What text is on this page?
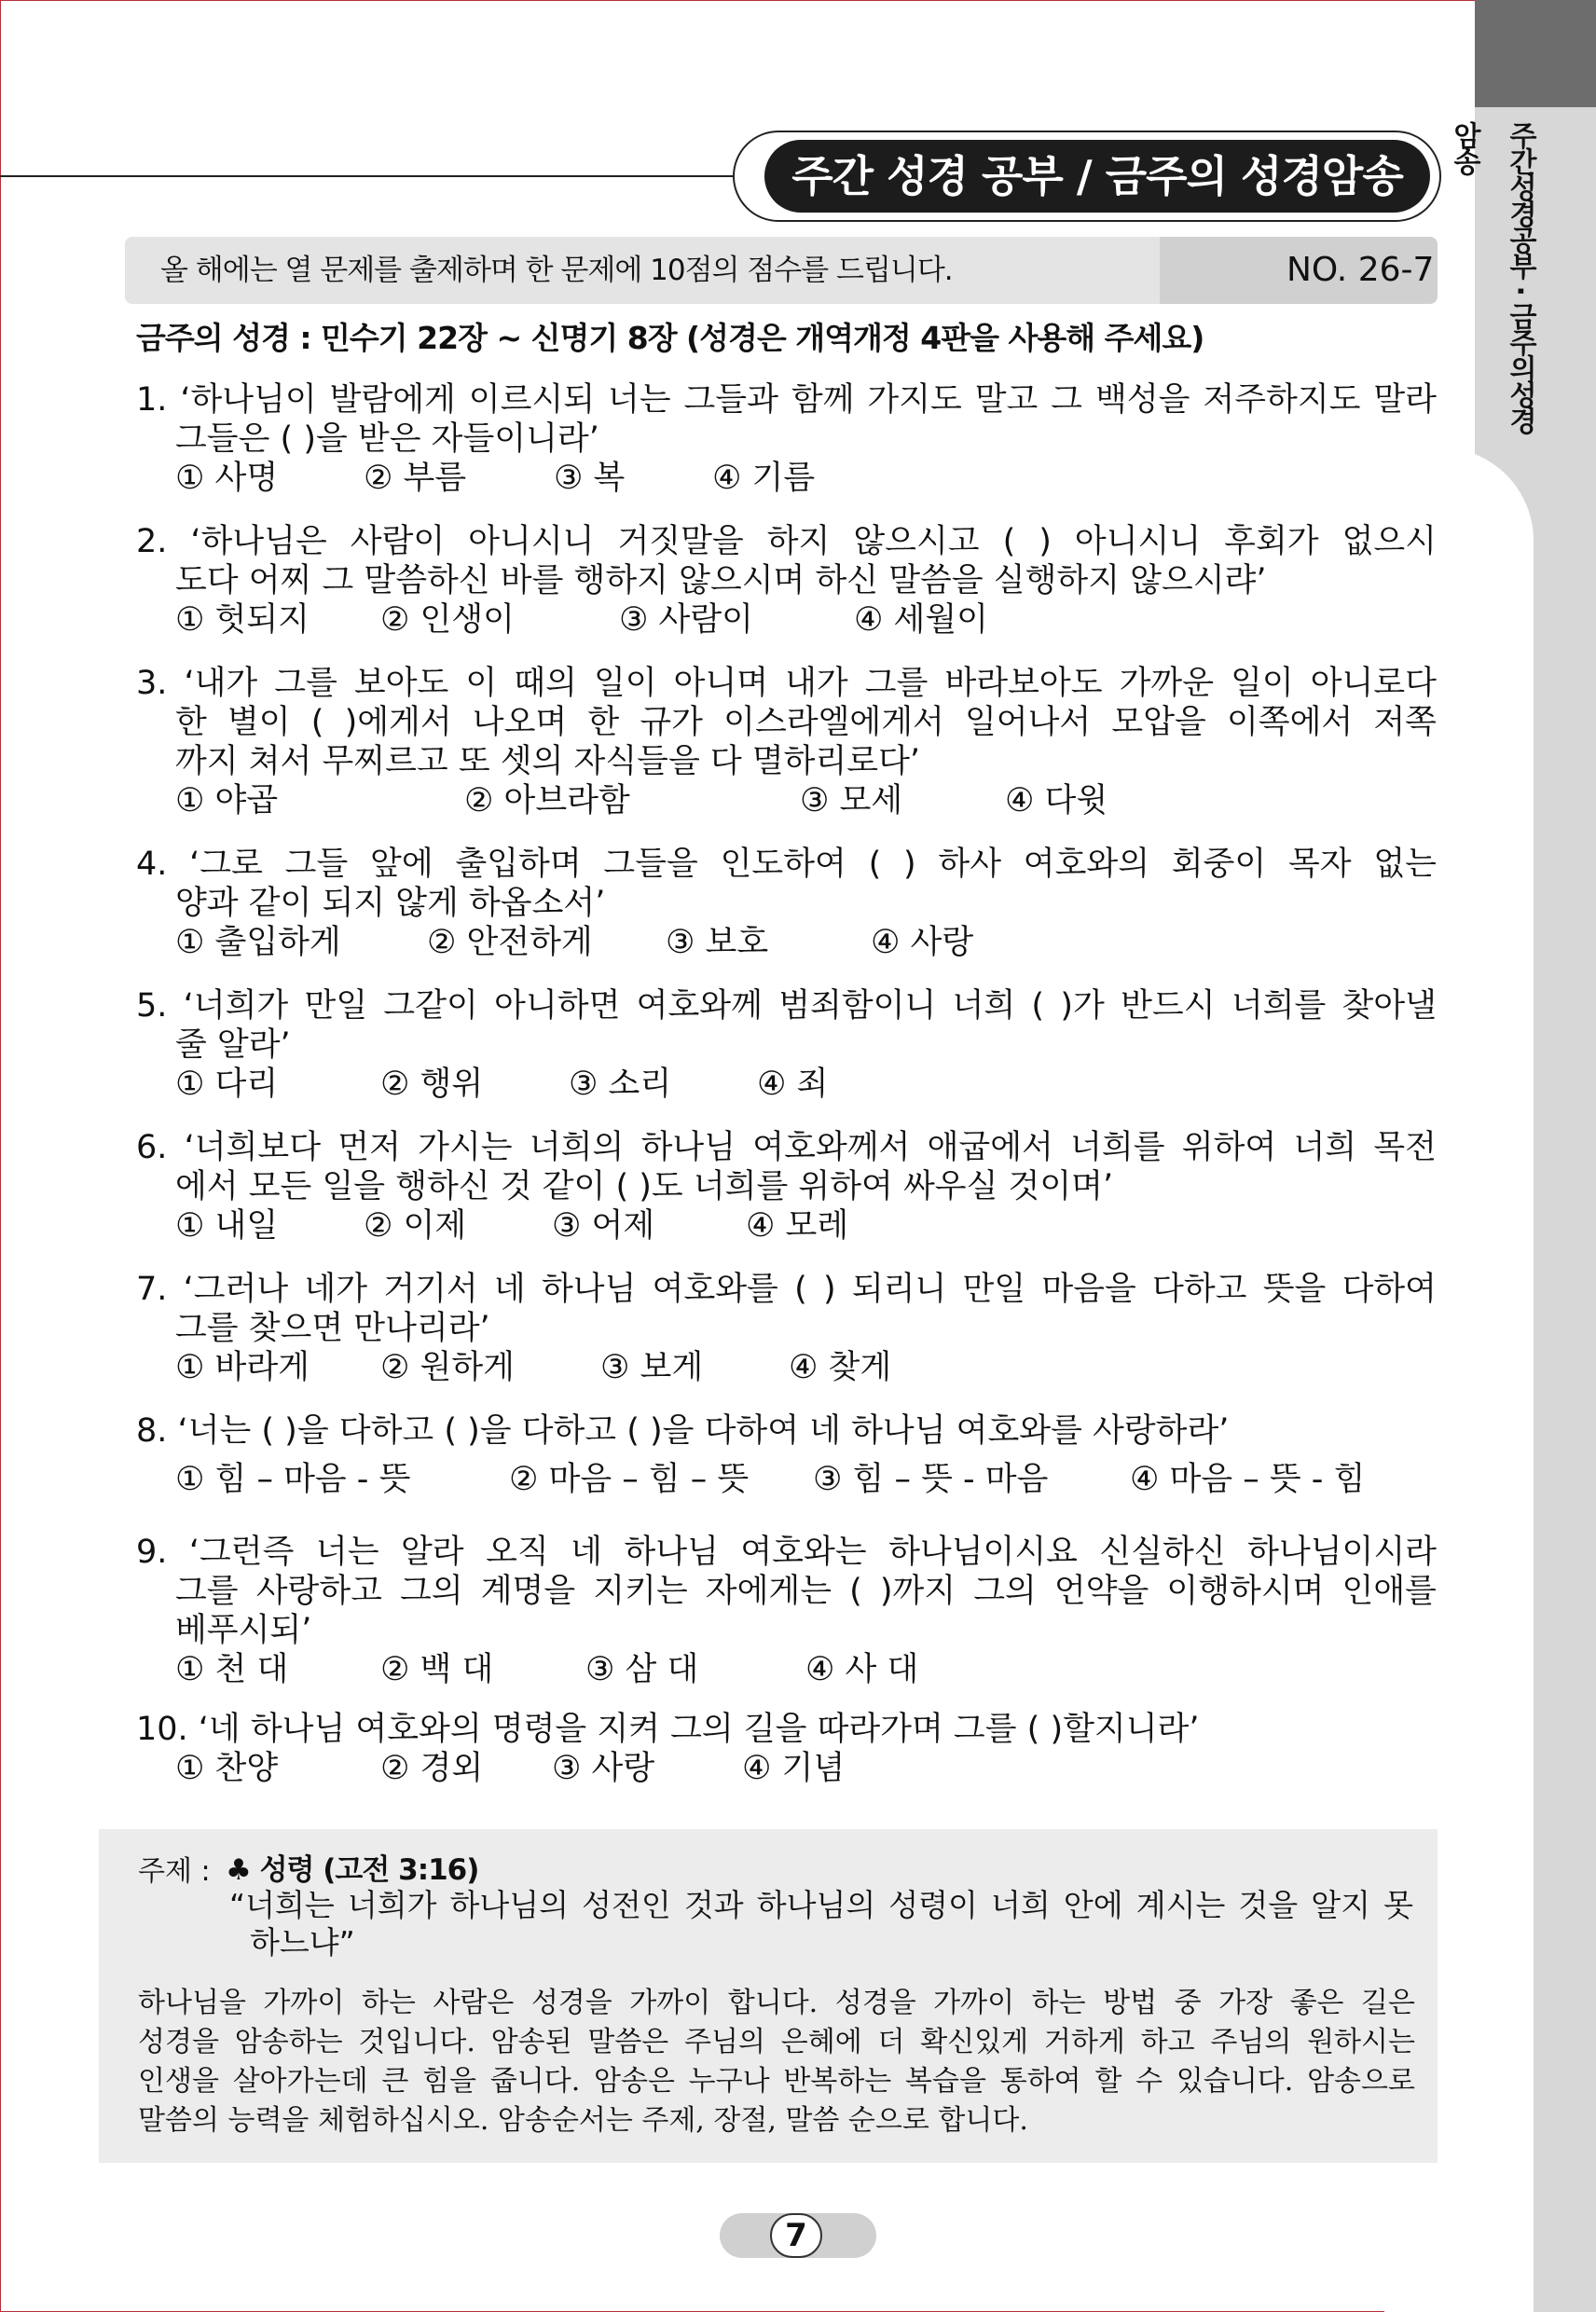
주간성경공부 · 금주의성경암송
주간 성경 공부 / 금주의 성경암송
올 해에는 열 문제를 출제하며 한 문제에 10점의 점수를 드립니다.	NO. 26-7
금주의 성경 : 민수기 22장 ~ 신명기 8장 (성경은 개역개정 4판을 사용해 주세요)
1. ‘하나님이 발람에게 이르시되 너는 그들과 함께 가지도 말고 그 백성을 저주하지도 말라
그들은 ( )을 받은 자들이니라’
① 사명	② 부름	③ 복	④ 기름
2. ‘하나님은 사람이 아니시니 거짓말을 하지 않으시고 ( ) 아니시니 후회가 없으시
도다 어찌 그 말씀하신 바를 행하지 않으시며 하신 말씀을 실행하지 않으시랴’
① 헛되지 ② 인생이	③ 사람이	④ 세월이
3. ‘내가 그를 보아도 이 때의 일이 아니며 내가 그를 바라보아도 가까운 일이 아니로다
한 별이 ( )에게서 나오며 한 규가 이스라엘에게서 일어나서 모압을 이쪽에서 저쪽
까지 쳐서 무찌르고 또 셋의 자식들을 다 멸하리로다’
① 야곱	② 아브라함	③ 모세	④ 다윗
4. ‘그로 그들 앞에 출입하며 그들을 인도하여 ( ) 하사 여호와의 회중이 목자 없는
양과 같이 되지 않게 하옵소서’
① 출입하게	② 안전하게 ③ 보호	④ 사랑
5. ‘너희가 만일 그같이 아니하면 여호와께 범죄함이니 너희 ( )가 반드시 너희를 찾아낼
줄 알라’
① 다리	② 행위	③ 소리	④ 죄
6. ‘너희보다 먼저 가시는 너희의 하나님 여호와께서 애굽에서 너희를 위하여 너희 목전
에서 모든 일을 행하신 것 같이 ( )도 너희를 위하여 싸우실 것이며’
① 내일	② 이제	③ 어제	④ 모레
7. ‘그러나 네가 거기서 네 하나님 여호와를 ( ) 되리니 만일 마음을 다하고 뜻을 다하여
그를 찾으면 만나리라’
① 바라게 ② 원하게	③ 보게	④ 찾게
8. ‘너는 ( )을 다하고 ( )을 다하고 ( )을 다하여 네 하나님 여호와를 사랑하라’
① 힘 – 마음 - 뜻	② 마음 – 힘 – 뜻 ③ 힘 – 뜻 - 마음	④ 마음 – 뜻 - 힘
9. ‘그런즉 너는 알라 오직 네 하나님 여호와는 하나님이시요 신실하신 하나님이시라
그를 사랑하고 그의 계명을 지키는 자에게는 ( )까지 그의 언약을 이행하시며 인애를
베푸시되’
① 천 대	② 백 대	③ 삼 대	④ 사 대
10. ‘네 하나님 여호와의 명령을 지켜 그의 길을 따라가며 그를 ( )할지니라’
① 찬양	② 경외 ③ 사랑	④ 기념
주제 : ♣ 성령 (고전 3:16)
“너희는 너희가 하나님의 성전인 것과 하나님의 성령이 너희 안에 계시는 것을 알지 못
하느냐”
하나님을 가까이 하는 사람은 성경을 가까이 합니다. 성경을 가까이 하는 방법 중 가장 좋은 길은
성경을 암송하는 것입니다. 암송된 말씀은 주님의 은혜에 더 확신있게 거하게 하고 주님의 원하시는
인생을 살아가는데 큰 힘을 줍니다. 암송은 누구나 반복하는 복습을 통하여 할 수 있습니다. 암송으로
말씀의 능력을 체험하십시오. 암송순서는 주제, 장절, 말씀 순으로 합니다.
7
